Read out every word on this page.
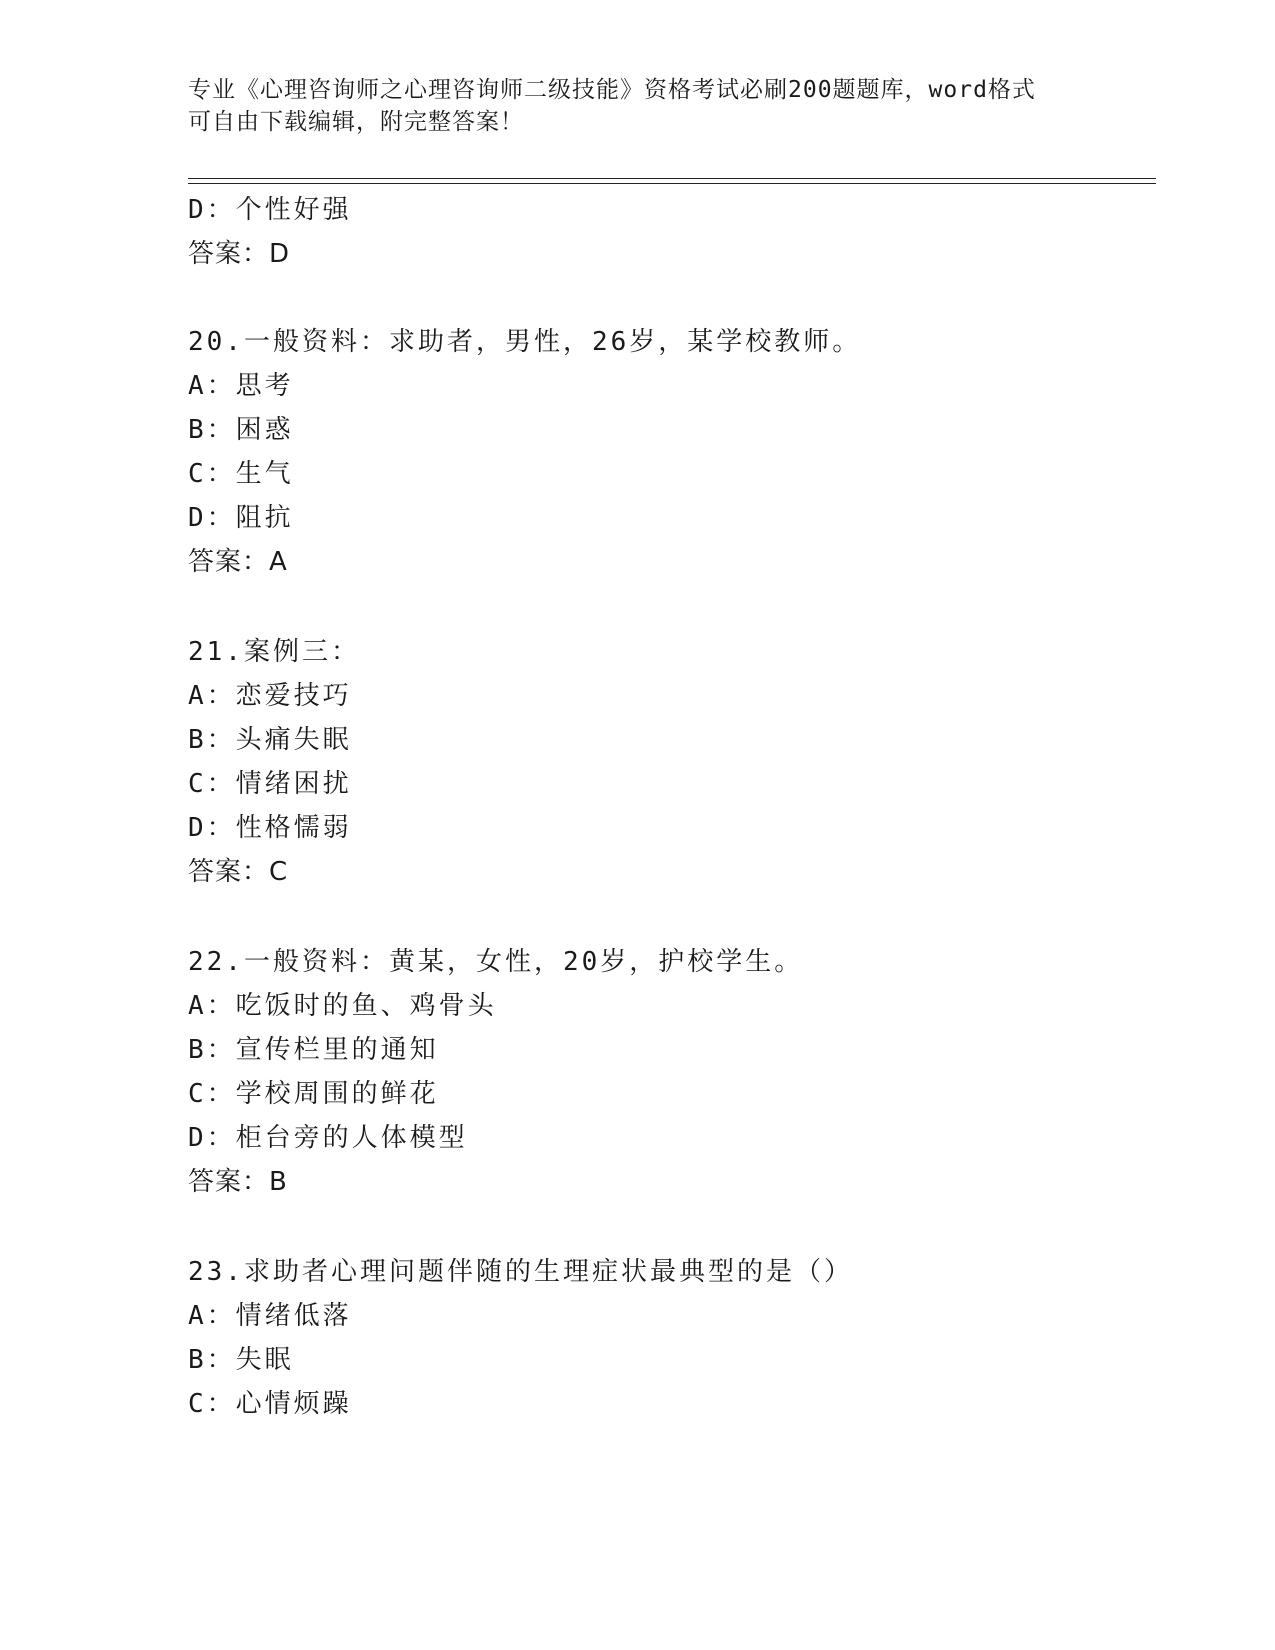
专业《心理咨询师之心理咨询师二级技能》资格考试必刷200题题库，word格式
可自由下载编辑，附完整答案！
D：个性好强
答案：D
20.一般资料：求助者，男性，26岁，某学校教师。
A：思考
B：困惑
C：生气
D：阻抗
答案：A
21.案例三：
A：恋爱技巧
B：头痛失眠
C：情绪困扰
D：性格懦弱
答案：C
22.一般资料：黄某，女性，20岁，护校学生。
A：吃饭时的鱼、鸡骨头
B：宣传栏里的通知
C：学校周围的鲜花
D：柜台旁的人体模型
答案：B
23.求助者心理问题伴随的生理症状最典型的是（）
A：情绪低落
B：失眠
C：心情烦躁
